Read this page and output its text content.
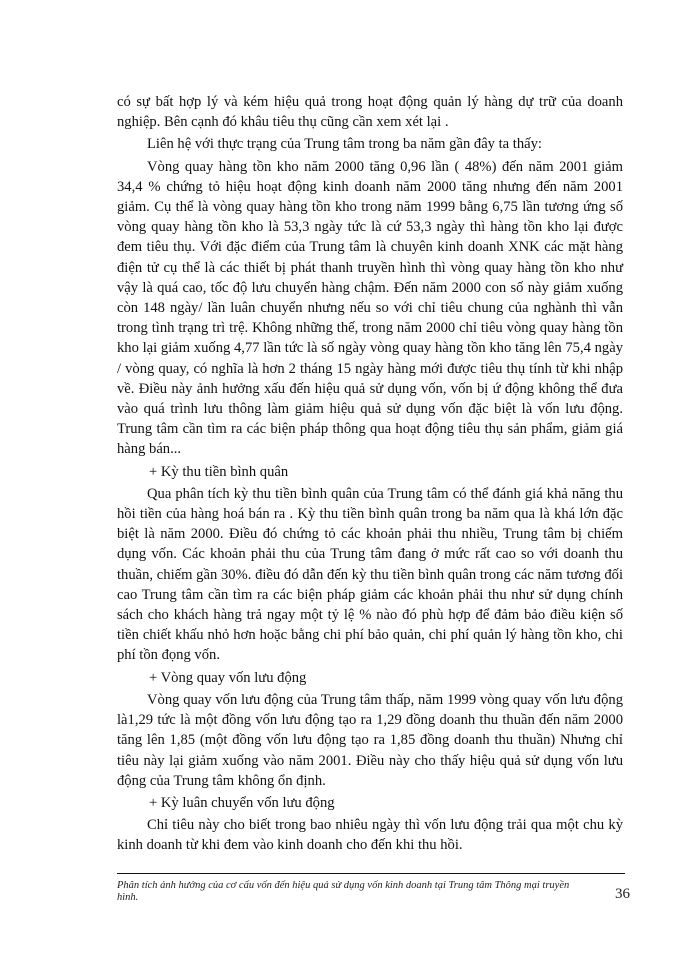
có sự bất hợp lý và kém hiệu quả trong hoạt động quản lý hàng dự trữ của doanh nghiệp. Bên cạnh đó khâu tiêu thụ cũng cần xem xét lại .

Liên hệ với thực trạng của Trung tâm trong ba năm gần đây ta thấy:

Vòng quay hàng tồn kho năm 2000 tăng 0,96 lần ( 48%) đến năm 2001 giảm 34,4 % chứng tỏ hiệu hoạt động kinh doanh năm 2000 tăng nhưng đến năm 2001 giảm. Cụ thể là vòng quay hàng tồn kho trong năm 1999 bằng 6,75 lần tương ứng số vòng quay hàng tồn kho là 53,3 ngày tức là cứ 53,3 ngày thì hàng tồn kho lại được đem tiêu thụ. Với đặc điểm của Trung tâm là chuyên kinh doanh XNK các mặt hàng điện tử cụ thể là các thiết bị phát thanh truyền hình thì vòng quay hàng tồn kho như vậy là quá cao, tốc độ lưu chuyển hàng chậm. Đến năm 2000 con số này giảm xuống còn 148 ngày/ lần luân chuyển nhưng nếu so với chỉ tiêu chung của nghành thì vẫn trong tình trạng trì trệ. Không những thế, trong năm 2000 chỉ tiêu vòng quay hàng tồn kho lại giảm xuống 4,77 lần tức là số ngày vòng quay hàng tồn kho tăng lên 75,4 ngày / vòng quay, có nghĩa là hơn 2 tháng 15 ngày hàng mới được tiêu thụ tính từ khi nhập về. Điều này ảnh hưởng xấu đến hiệu quả sử dụng vốn, vốn bị ứ động không thể đưa vào quá trình lưu thông làm giảm hiệu quả sử dụng vốn đặc biệt là vốn lưu động. Trung tâm cần tìm ra các biện pháp thông qua hoạt động tiêu thụ sản phẩm, giảm giá hàng bán...

+ Kỳ thu tiền bình quân

Qua phân tích kỳ thu tiền bình quân của Trung tâm có thể đánh giá khả năng thu hồi tiền của hàng hoá bán ra . Kỳ thu tiền bình quân trong ba năm qua là khá lớn đặc biệt là năm 2000. Điều đó chứng tỏ các khoản phải thu nhiều, Trung tâm bị chiếm dụng vốn. Các khoản phải thu của Trung tâm đang ở mức rất cao so với doanh thu thuần, chiếm gần 30%. điều đó dẫn đến kỳ thu tiền bình quân trong các năm tương đối cao Trung tâm cần tìm ra các biện pháp giảm các khoản phải thu như sử dụng chính sách cho khách hàng trả ngay một tỷ lệ % nào đó phù hợp để đảm bảo điều kiện số tiền chiết khấu nhỏ hơn hoặc bằng chi phí bảo quản, chi phí quản lý hàng tồn kho, chi phí tồn đọng vốn.

+ Vòng quay vốn lưu động

Vòng quay vốn lưu động của Trung tâm thấp, năm 1999 vòng quay vốn lưu động là1,29 tức là một đồng vốn lưu động tạo ra 1,29 đồng doanh thu thuần đến năm 2000 tăng lên 1,85 (một đồng vốn lưu động tạo ra 1,85 đồng doanh thu thuần) Nhưng chỉ tiêu này lại giảm xuống vào năm 2001. Điều này cho thấy hiệu quả sử dụng vốn lưu động của Trung tâm không ổn định.

+ Kỳ luân chuyển vốn lưu động

Chỉ tiêu này cho biết trong bao nhiêu ngày thì vốn lưu động trải qua một chu kỳ kinh doanh từ khi đem vào kinh doanh cho đến khi thu hồi.

Phân tích ảnh hưởng của cơ cấu vốn đến hiệu quả sử dụng vốn kinh doanh tại Trung tâm Thông mại truyền hình.	36
